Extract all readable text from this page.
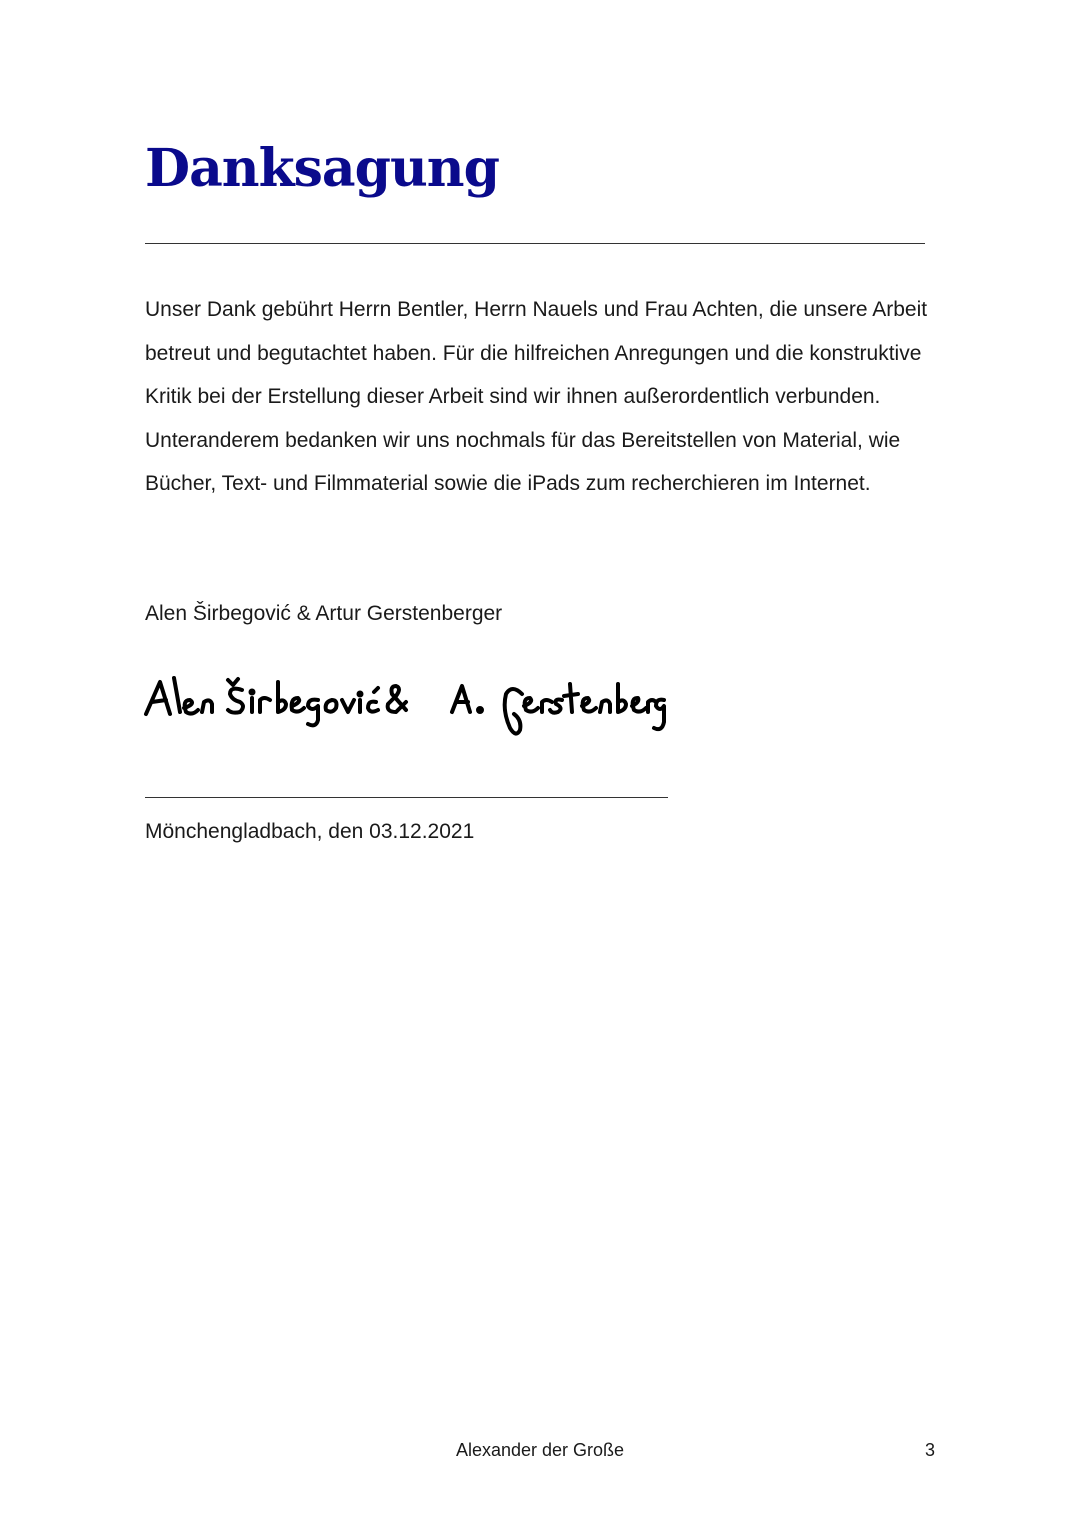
Danksagung

Unser Dank gebührt Herrn Bentler, Herrn Nauels und Frau Achten, die unsere Arbeit betreut und begutachtet haben. Für die hilfreichen Anregungen und die konstruktive Kritik bei der Erstellung dieser Arbeit sind wir ihnen außerordentlich verbunden. Unteranderem bedanken wir uns nochmals für das Bereitstellen von Material, wie Bücher, Text- und Filmmaterial sowie die iPads zum recherchieren im Internet.

Alen Širbegović & Artur Gerstenberger

Mönchengladbach, den 03.12.2021

Alexander der Große	3
